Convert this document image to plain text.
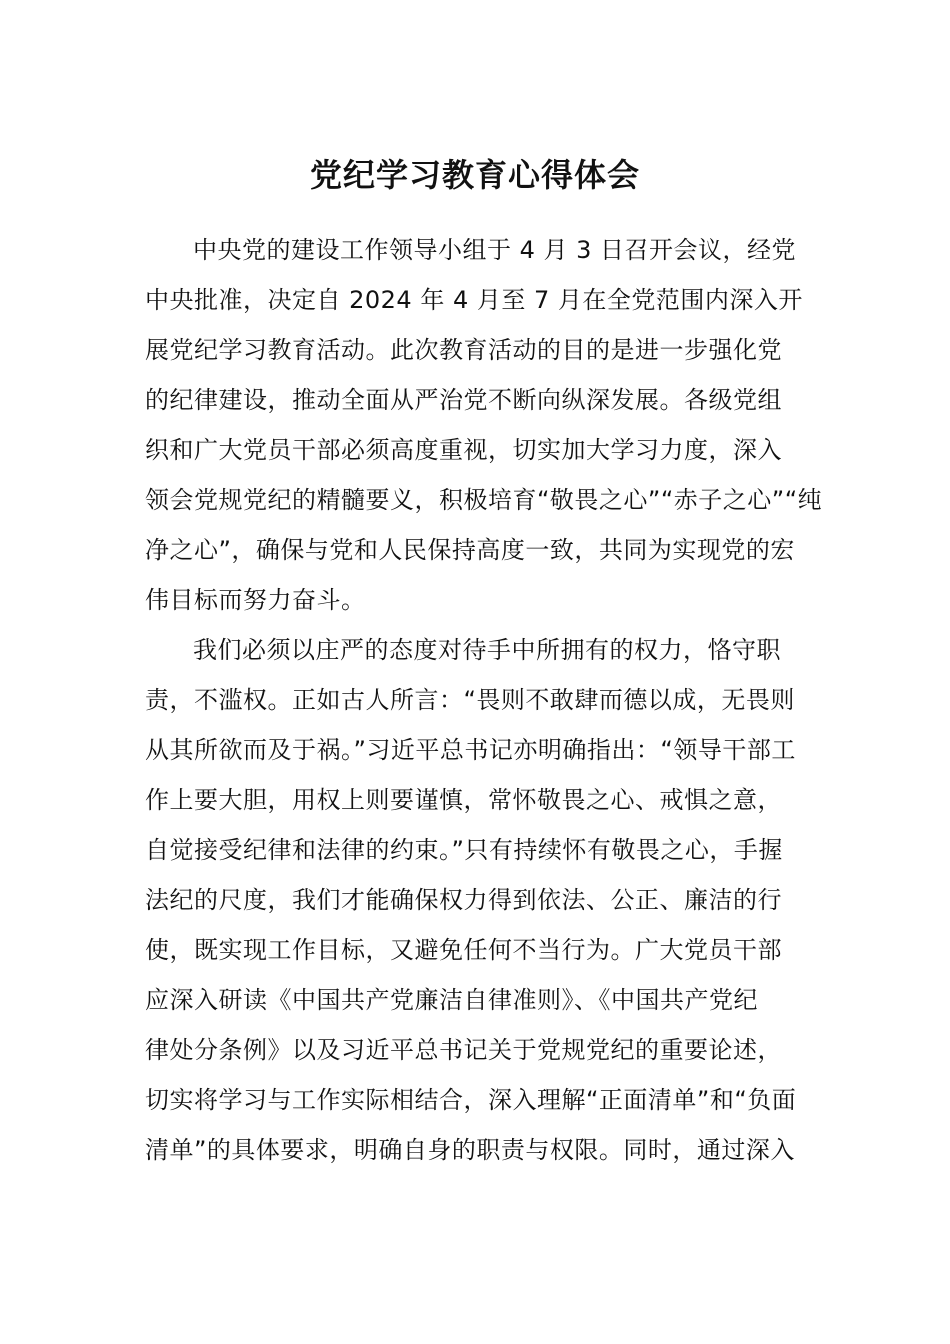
党纪学习教育心得体会
中央党的建设工作领导小组于 4 月 3 日召开会议，经党
中央批准，决定自 2024 年 4 月至 7 月在全党范围内深入开
展党纪学习教育活动。此次教育活动的目的是进一步强化党
的纪律建设，推动全面从严治党不断向纵深发展。各级党组
织和广大党员干部必须高度重视，切实加大学习力度，深入
领会党规党纪的精髓要义，积极培育“敬畏之心”“赤子之心”“纯
净之心”，确保与党和人民保持高度一致，共同为实现党的宏
伟目标而努力奋斗。
我们必须以庄严的态度对待手中所拥有的权力，恪守职
责，不滥权。正如古人所言：“畏则不敢肆而德以成，无畏则
从其所欲而及于祸。”习近平总书记亦明确指出：“领导干部工
作上要大胆，用权上则要谨慎，常怀敬畏之心、戒惧之意，
自觉接受纪律和法律的约束。”只有持续怀有敬畏之心，手握
法纪的尺度，我们才能确保权力得到依法、公正、廉洁的行
使，既实现工作目标，又避免任何不当行为。广大党员干部
应深入研读《中国共产党廉洁自律准则》、《中国共产党纪
律处分条例》以及习近平总书记关于党规党纪的重要论述，
切实将学习与工作实际相结合，深入理解“正面清单”和“负面
清单”的具体要求，明确自身的职责与权限。同时，通过深入
